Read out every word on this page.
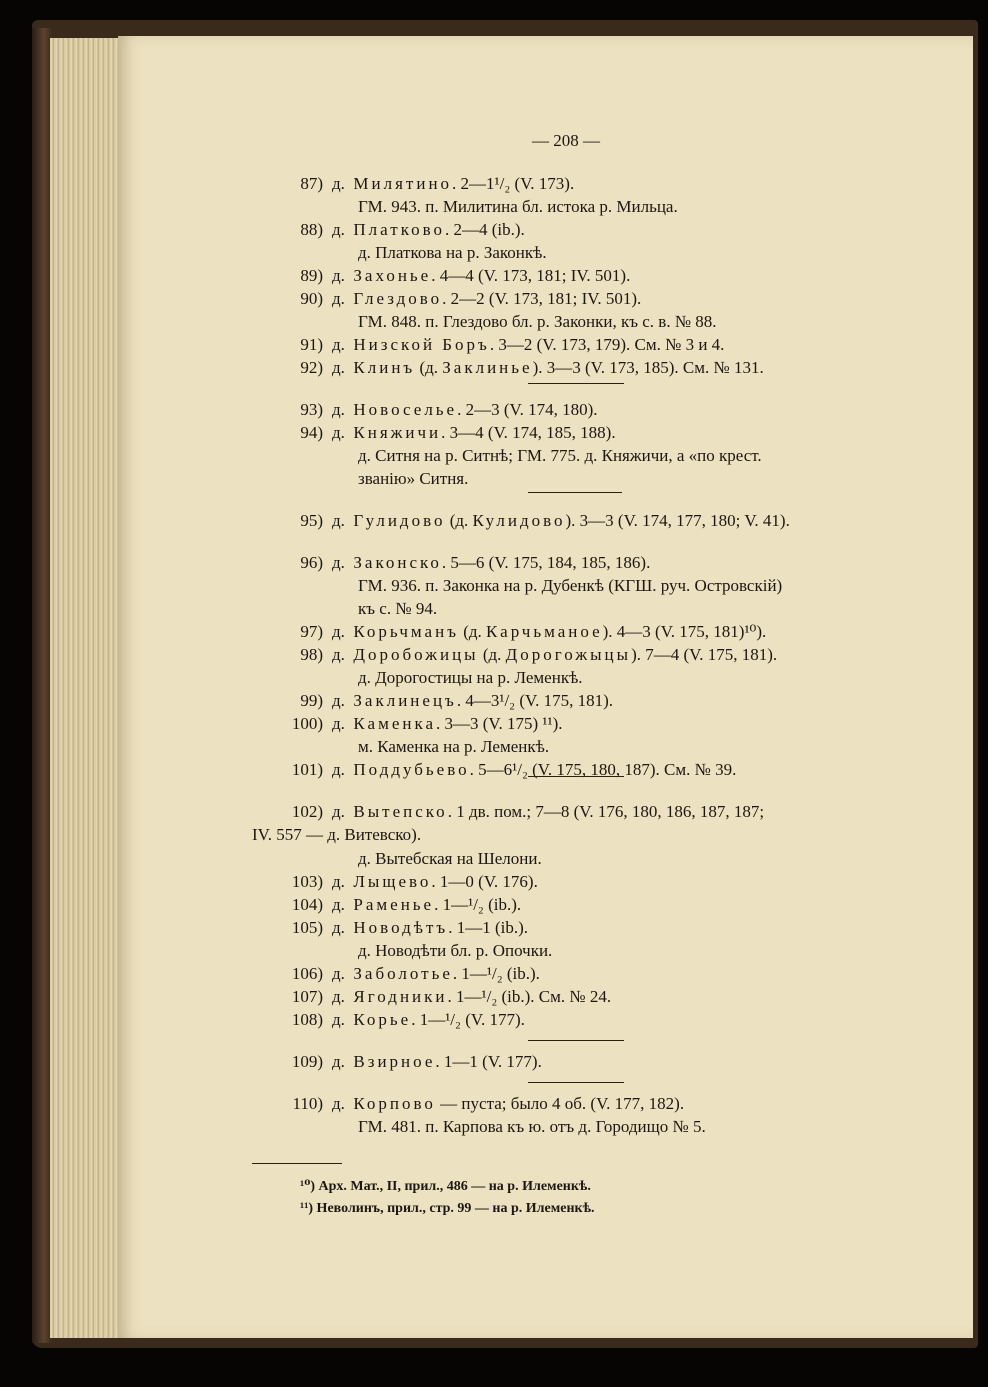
— 208 —
87) д. Милятино. 2—1¹/₂ (V. 173).
ГМ. 943. п. Милитина бл. истока р. Мильца.
88) д. Платково. 2—4 (ib.).
д. Платкова на р. Законкѣ.
89) д. Захонье. 4—4 (V. 173, 181; IV. 501).
90) д. Глездово. 2—2 (V. 173, 181; IV. 501).
ГМ. 848. п. Глездово бл. р. Законки, къ с. в. № 88.
91) д. Низской Боръ. 3—2 (V. 173, 179). См. № 3 и 4.
92) д. Клинъ (д. Заклинье). 3—3 (V. 173, 185). См. № 131.
93) д. Новоселье. 2—3 (V. 174, 180).
94) д. Княжичи. 3—4 (V. 174, 185, 188).
д. Ситня на р. Ситнѣ; ГМ. 775. д. Княжичи, а «по крест.
званію» Ситня.
95) д. Гулидово (д. Кулидово). 3—3 (V. 174, 177, 180; V. 41).
96) д. Законско. 5—6 (V. 175, 184, 185, 186).
ГМ. 936. п. Законка на р. Дубенкѣ (КГШ. руч. Островскій)
къ с. № 94.
97) д. Корьчманъ (д. Карчьманое). 4—3 (V. 175, 181)¹⁰).
98) д. Доробожицы (д. Дорогожыцы). 7—4 (V. 175, 181).
д. Дорогостицы на р. Леменкѣ.
99) д. Заклинецъ. 4—3¹/₂ (V. 175, 181).
100) д. Каменка. 3—3 (V. 175) ¹¹).
м. Каменка на р. Леменкѣ.
101) д. Поддубьево. 5—6¹/₂ (V. 175, 180, 187). См. № 39.
102) д. Вытепско. 1 дв. пом.; 7—8 (V. 176, 180, 186, 187, 187;
IV. 557 — д. Витевско).
д. Вытебская на Шелони.
103) д. Лыщево. 1—0 (V. 176).
104) д. Раменье. 1—¹/₂ (ib.).
105) д. Новодѣтъ. 1—1 (ib.).
д. Новодѣти бл. р. Опочки.
106) д. Заболотье. 1—¹/₂ (ib.).
107) д. Ягодники. 1—¹/₂ (ib.). См. № 24.
108) д. Корье. 1—¹/₂ (V. 177).
109) д. Взирное. 1—1 (V. 177).
110) д. Корпово — пуста; было 4 об. (V. 177, 182).
ГМ. 481. п. Карпова къ ю. отъ д. Городищо № 5.
¹⁰) Арх. Мат., II, прил., 486 — на р. Илеменкѣ.
¹¹) Неволинъ, прил., стр. 99 — на р. Илеменкѣ.
